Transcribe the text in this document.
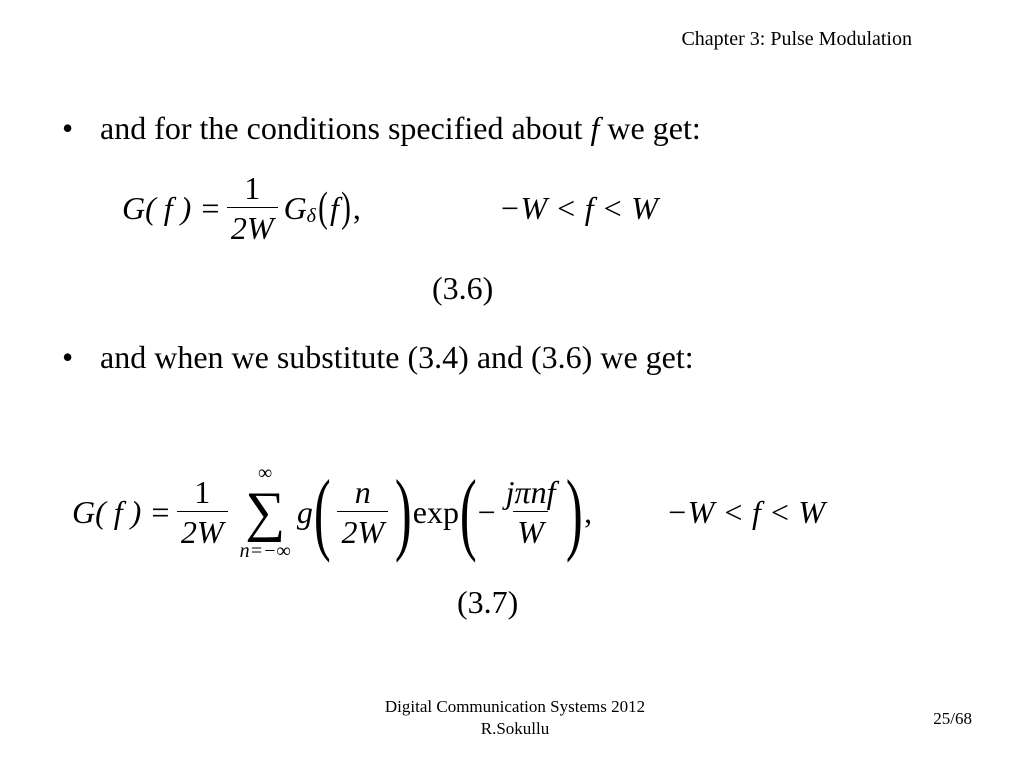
Chapter 3: Pulse Modulation
• and for the conditions specified about f we get:
G( f ) = $\frac{1}{2W}$ G δ ( f ) ,	−W < f < W
(3.6)
• and when we substitute (3.4) and (3.6) we get:
G( f ) = $\frac{1}{2W}$
∞
∑
n=−∞
g ( $\frac{n}{2W}$ ) exp ( − $\frac{\text{jπnf}}{W}$ ) , −W < f < W
(3.7)
Digital Communication Systems 2012
R.Sokullu
25/68
